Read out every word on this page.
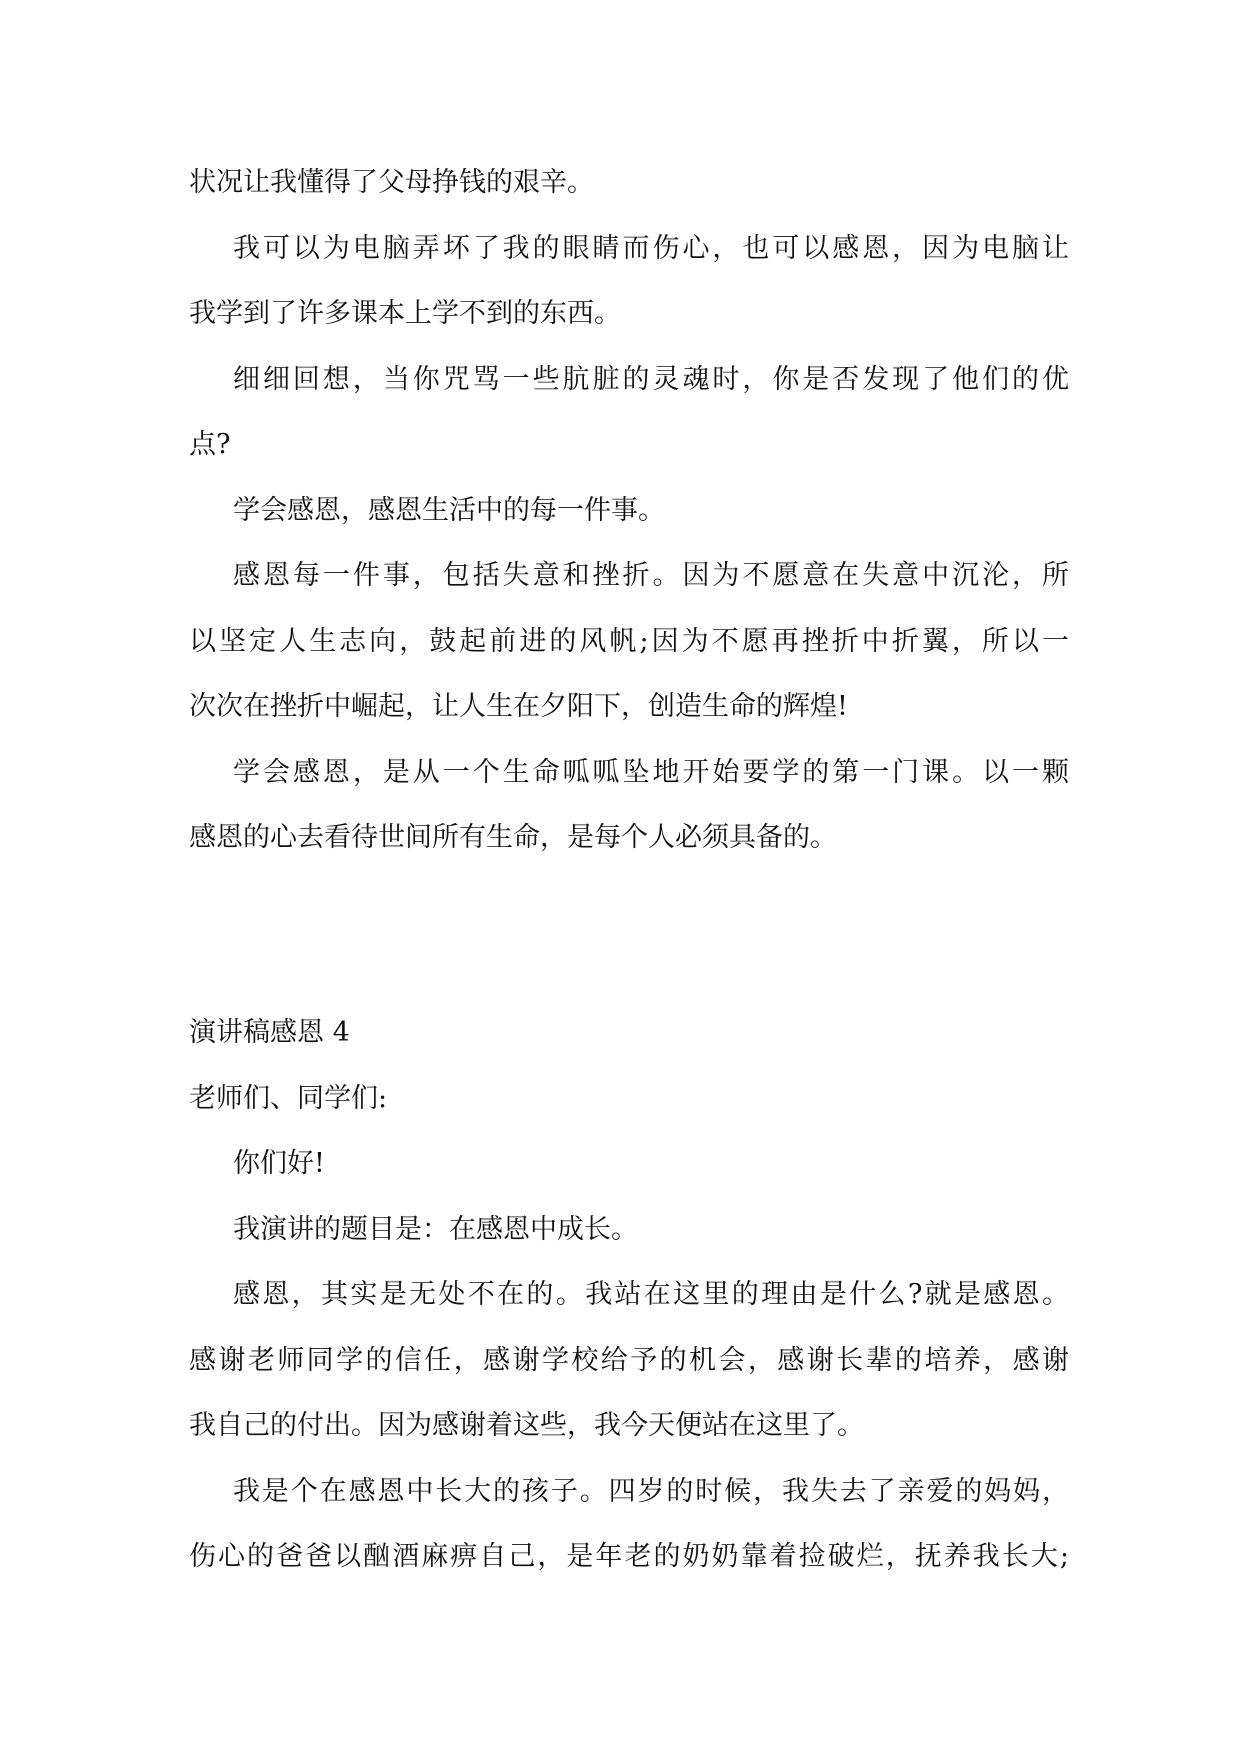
状况让我懂得了父母挣钱的艰辛。

我可以为电脑弄坏了我的眼睛而伤心，也可以感恩，因为电脑让
我学到了许多课本上学不到的东西。

细细回想，当你咒骂一些肮脏的灵魂时，你是否发现了他们的优
点?

学会感恩，感恩生活中的每一件事。

感恩每一件事，包括失意和挫折。因为不愿意在失意中沉沦，所
以坚定人生志向，鼓起前进的风帆;因为不愿再挫折中折翼，所以一
次次在挫折中崛起，让人生在夕阳下，创造生命的辉煌!

学会感恩，是从一个生命呱呱坠地开始要学的第一门课。以一颗
感恩的心去看待世间所有生命，是每个人必须具备的。

演讲稿感恩 4

老师们、同学们:

你们好!

我演讲的题目是：在感恩中成长。

感恩，其实是无处不在的。我站在这里的理由是什么?就是感恩。
感谢老师同学的信任，感谢学校给予的机会，感谢长辈的培养，感谢
我自己的付出。因为感谢着这些，我今天便站在这里了。

我是个在感恩中长大的孩子。四岁的时候，我失去了亲爱的妈妈，
伤心的爸爸以酗酒麻痹自己，是年老的奶奶靠着捡破烂，抚养我长大;
